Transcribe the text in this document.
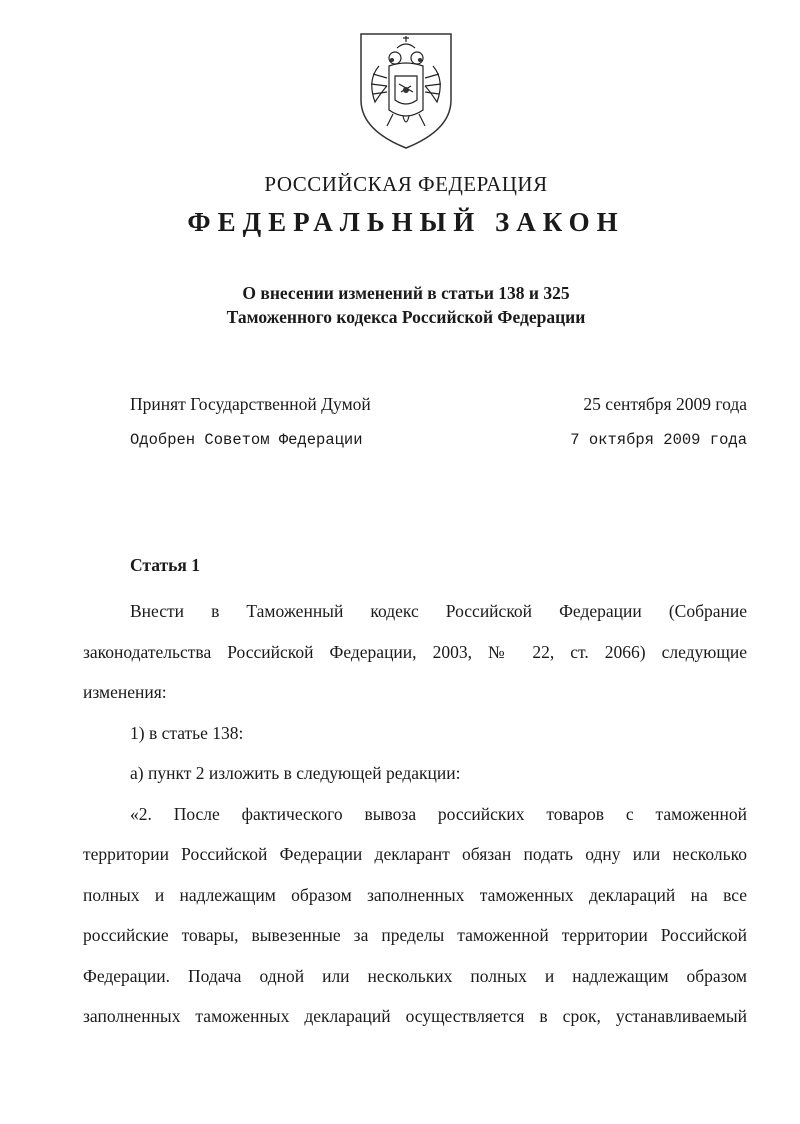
РОССИЙСКАЯ ФЕДЕРАЦИЯ
ФЕДЕРАЛЬНЫЙ ЗАКОН
О внесении изменений в статьи 138 и 325
Таможенного кодекса Российской Федерации
Принят Государственной Думой	25 сентября 2009 года
Одобрен Советом Федерации	7 октября 2009 года
Статья 1
Внести в Таможенный кодекс Российской Федерации (Собрание
законодательства Российской Федерации, 2003, № 22, ст. 2066) следующие
изменения:
1) в статье 138:
а) пункт 2 изложить в следующей редакции:
«2. После фактического вывоза российских товаров с таможенной
территории Российской Федерации декларант обязан подать одну или несколько
полных и надлежащим образом заполненных таможенных деклараций на все
российские товары, вывезенные за пределы таможенной территории Российской
Федерации. Подача одной или нескольких полных и надлежащим образом
заполненных таможенных деклараций осуществляется в срок, устанавливаемый
